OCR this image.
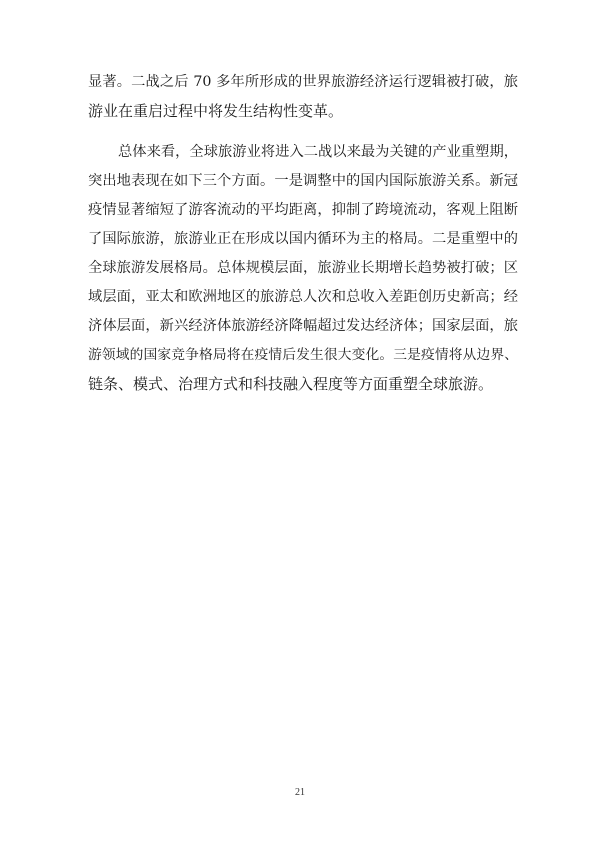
显著。二战之后 70 多年所形成的世界旅游经济运行逻辑被打破，旅
游业在重启过程中将发生结构性变革。
总体来看，全球旅游业将进入二战以来最为关键的产业重塑期，
突出地表现在如下三个方面。一是调整中的国内国际旅游关系。新冠
疫情显著缩短了游客流动的平均距离，抑制了跨境流动，客观上阻断
了国际旅游，旅游业正在形成以国内循环为主的格局。二是重塑中的
全球旅游发展格局。总体规模层面，旅游业长期增长趋势被打破；区
域层面，亚太和欧洲地区的旅游总人次和总收入差距创历史新高；经
济体层面，新兴经济体旅游经济降幅超过发达经济体；国家层面，旅
游领域的国家竞争格局将在疫情后发生很大变化。三是疫情将从边界、
链条、模式、治理方式和科技融入程度等方面重塑全球旅游。
21
